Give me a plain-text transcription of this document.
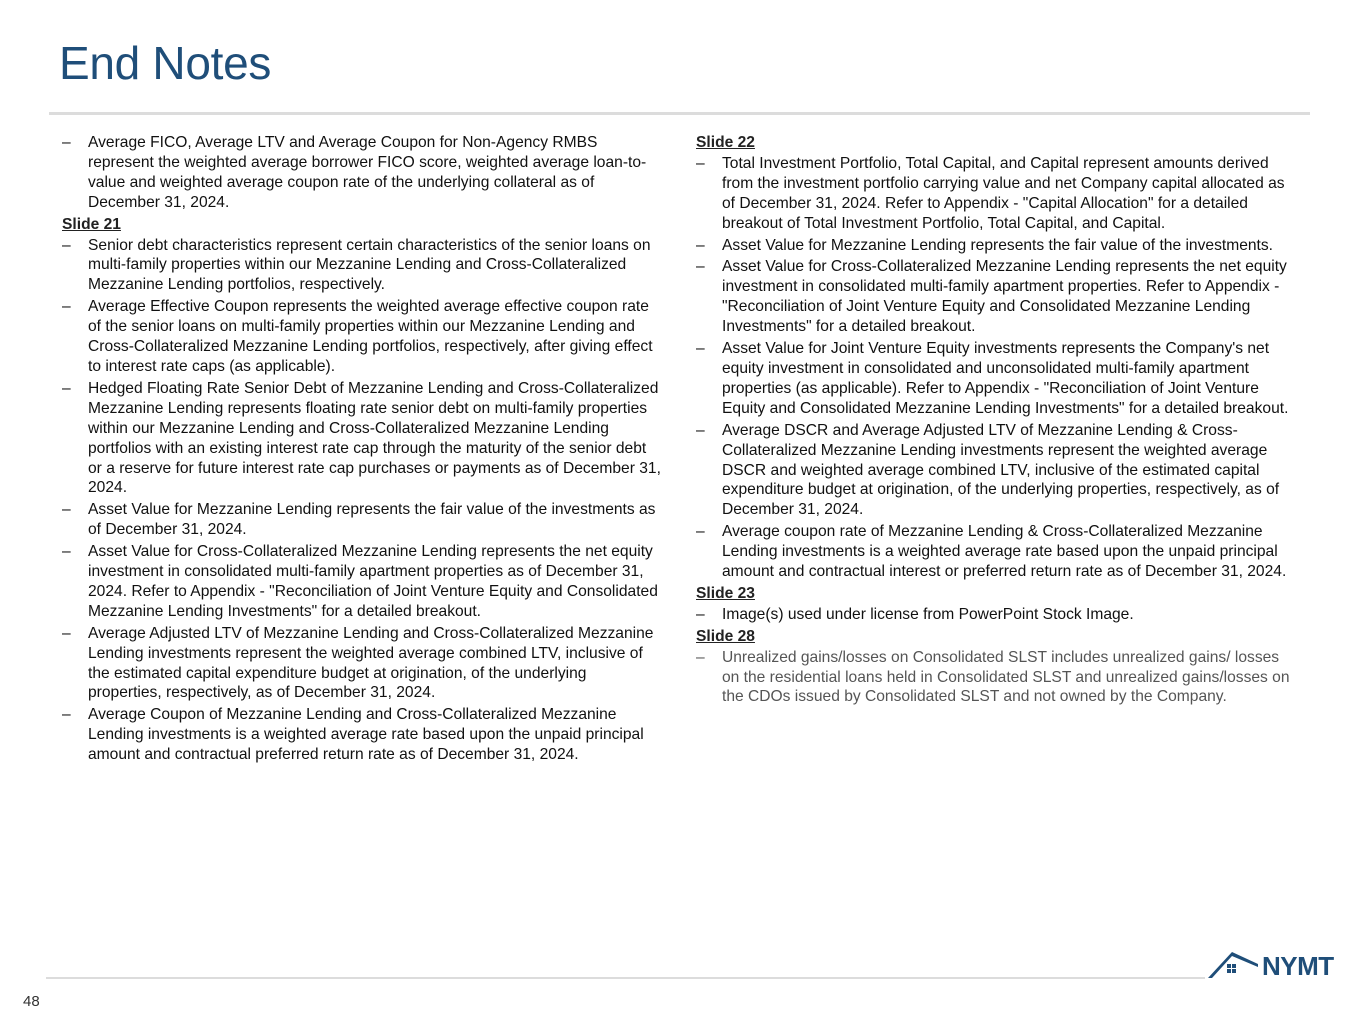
End Notes
–	Average FICO, Average LTV and Average Coupon for Non-Agency RMBS represent the weighted average borrower FICO score, weighted average loan-to-value and weighted average coupon rate of the underlying collateral as of December 31, 2024.
Slide 21
–	Senior debt characteristics represent certain characteristics of the senior loans on multi-family properties within our Mezzanine Lending and Cross-Collateralized Mezzanine Lending portfolios, respectively.
–	Average Effective Coupon represents the weighted average effective coupon rate of the senior loans on multi-family properties within our Mezzanine Lending and Cross-Collateralized Mezzanine Lending portfolios, respectively, after giving effect to interest rate caps (as applicable).
–	Hedged Floating Rate Senior Debt of Mezzanine Lending and Cross-Collateralized Mezzanine Lending represents floating rate senior debt on multi-family properties within our Mezzanine Lending and Cross-Collateralized Mezzanine Lending portfolios with an existing interest rate cap through the maturity of the senior debt or a reserve for future interest rate cap purchases or payments as of December 31, 2024.
–	Asset Value for Mezzanine Lending represents the fair value of the investments as of December 31, 2024.
–	Asset Value for Cross-Collateralized Mezzanine Lending represents the net equity investment in consolidated multi-family apartment properties as of December 31, 2024. Refer to Appendix - "Reconciliation of Joint Venture Equity and Consolidated Mezzanine Lending Investments" for a detailed breakout.
–	Average Adjusted LTV of Mezzanine Lending and Cross-Collateralized Mezzanine Lending investments represent the weighted average combined LTV, inclusive of the estimated capital expenditure budget at origination, of the underlying properties, respectively, as of December 31, 2024.
–	Average Coupon of Mezzanine Lending and Cross-Collateralized Mezzanine Lending investments is a weighted average rate based upon the unpaid principal amount and contractual preferred return rate as of December 31, 2024.
Slide 22
–	Total Investment Portfolio, Total Capital, and Capital represent amounts derived from the investment portfolio carrying value and net Company capital allocated as of December 31, 2024. Refer to Appendix - "Capital Allocation" for a detailed breakout of Total Investment Portfolio, Total Capital, and Capital.
–	Asset Value for Mezzanine Lending represents the fair value of the investments.
–	Asset Value for Cross-Collateralized Mezzanine Lending represents the net equity investment in consolidated multi-family apartment properties. Refer to Appendix - "Reconciliation of Joint Venture Equity and Consolidated Mezzanine Lending Investments" for a detailed breakout.
–	Asset Value for Joint Venture Equity investments represents the Company's net equity investment in consolidated and unconsolidated multi-family apartment properties (as applicable). Refer to Appendix - "Reconciliation of Joint Venture Equity and Consolidated Mezzanine Lending Investments" for a detailed breakout.
–	Average DSCR and Average Adjusted LTV of Mezzanine Lending & Cross-Collateralized Mezzanine Lending investments represent the weighted average DSCR and weighted average combined LTV, inclusive of the estimated capital expenditure budget at origination, of the underlying properties, respectively, as of December 31, 2024.
–	Average coupon rate of Mezzanine Lending & Cross-Collateralized Mezzanine Lending investments is a weighted average rate based upon the unpaid principal amount and contractual interest or preferred return rate as of December 31, 2024.
Slide 23
–	Image(s) used under license from PowerPoint Stock Image.
Slide 28
–	Unrealized gains/losses on Consolidated SLST includes unrealized gains/ losses on the residential loans held in Consolidated SLST and unrealized gains/losses on the CDOs issued by Consolidated SLST and not owned by the Company.
48
NYMT
